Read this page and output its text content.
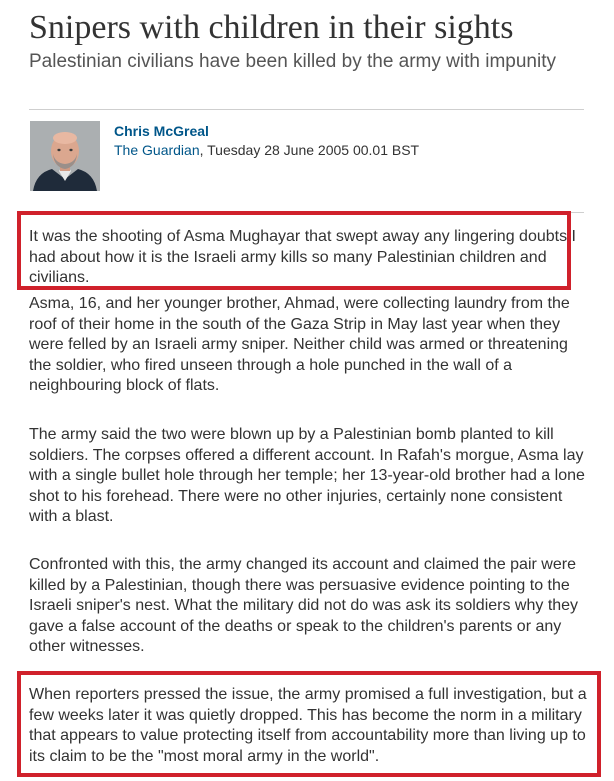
Snipers with children in their sights

Palestinian civilians have been killed by the army with impunity

Chris McGreal
The Guardian, Tuesday 28 June 2005 00.01 BST

It was the shooting of Asma Mughayar that swept away any lingering doubts I had about how it is the Israeli army kills so many Palestinian children and civilians.

Asma, 16, and her younger brother, Ahmad, were collecting laundry from the roof of their home in the south of the Gaza Strip in May last year when they were felled by an Israeli army sniper. Neither child was armed or threatening the soldier, who fired unseen through a hole punched in the wall of a neighbouring block of flats.

The army said the two were blown up by a Palestinian bomb planted to kill soldiers. The corpses offered a different account. In Rafah's morgue, Asma lay with a single bullet hole through her temple; her 13-year-old brother had a lone shot to his forehead. There were no other injuries, certainly none consistent with a blast.

Confronted with this, the army changed its account and claimed the pair were killed by a Palestinian, though there was persuasive evidence pointing to the Israeli sniper's nest. What the military did not do was ask its soldiers why they gave a false account of the deaths or speak to the children's parents or any other witnesses.

When reporters pressed the issue, the army promised a full investigation, but a few weeks later it was quietly dropped. This has become the norm in a military that appears to value protecting itself from accountability more than living up to its claim to be the "most moral army in the world".
